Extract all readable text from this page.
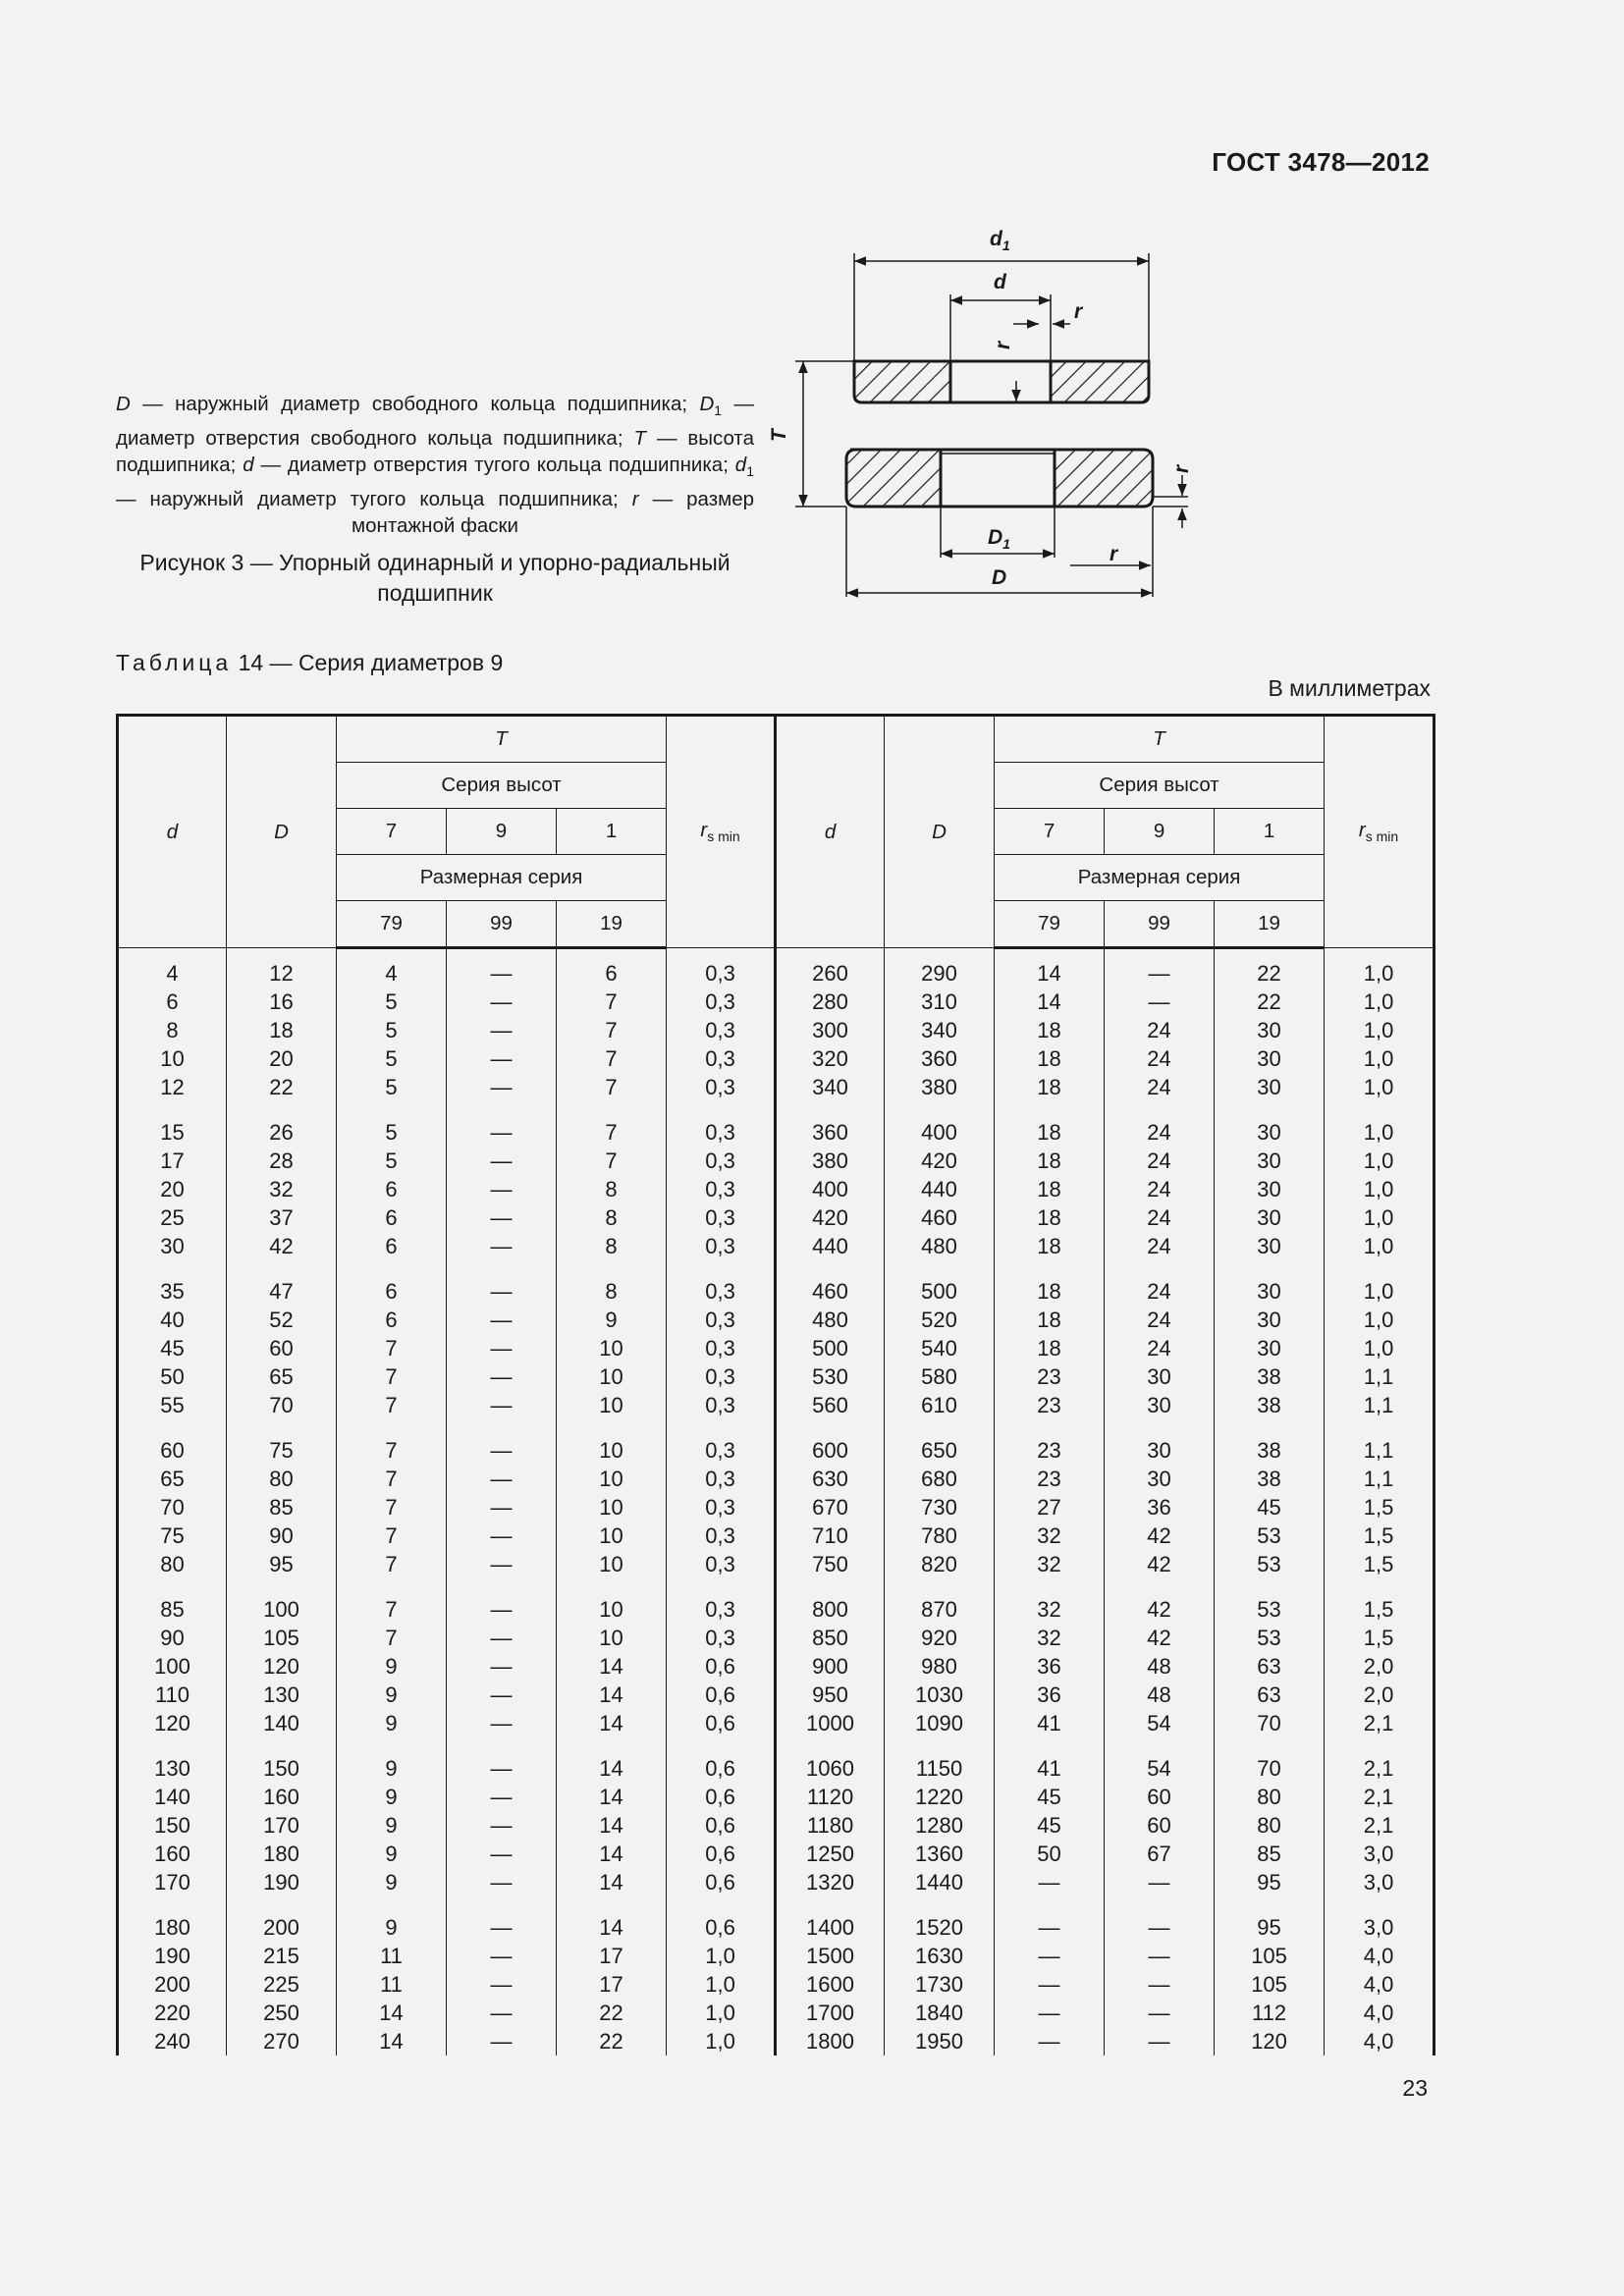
ГОСТ 3478—2012
D — наружный диаметр свободного кольца подшипника; $D_1$ — диаметр отверстия свободного кольца подшипника; T — высота подшипника; d — диаметр отверстия тугого кольца подшипника; $d_1$ — наружный диаметр тугого кольца подшипника; r — размер монтажной фаски
Рисунок 3 — Упорный одинарный и упорно-радиальный подшипник
$d_1$
d
r
r
T
$D_1$	r
r
D
Таблица 14 — Серия диаметров 9
В миллиметрах
d	D	T			$r_{s min}$	d	D	T			$r_{s min}$
		Серия высот						Серия высот			
		7	9	1				7	9	1	
		Размерная серия						Размерная серия			
		79	99	19				79	99	19	
4	12	4	—	6	0,3	260	290	14	—	22	1,0
6	16	5	—	7	0,3	280	310	14	—	22	1,0
8	18	5	—	7	0,3	300	340	18	24	30	1,0
10	20	5	—	7	0,3	320	360	18	24	30	1,0
12	22	5	—	7	0,3	340	380	18	24	30	1,0

15	26	5	—	7	0,3	360	400	18	24	30	1,0
17	28	5	—	7	0,3	380	420	18	24	30	1,0
20	32	6	—	8	0,3	400	440	18	24	30	1,0
25	37	6	—	8	0,3	420	460	18	24	30	1,0
30	42	6	—	8	0,3	440	480	18	24	30	1,0

35	47	6	—	8	0,3	460	500	18	24	30	1,0
40	52	6	—	9	0,3	480	520	18	24	30	1,0
45	60	7	—	10	0,3	500	540	18	24	30	1,0
50	65	7	—	10	0,3	530	580	23	30	38	1,1
55	70	7	—	10	0,3	560	610	23	30	38	1,1

60	75	7	—	10	0,3	600	650	23	30	38	1,1
65	80	7	—	10	0,3	630	680	23	30	38	1,1
70	85	7	—	10	0,3	670	730	27	36	45	1,5
75	90	7	—	10	0,3	710	780	32	42	53	1,5
80	95	7	—	10	0,3	750	820	32	42	53	1,5

85	100	7	—	10	0,3	800	870	32	42	53	1,5
90	105	7	—	10	0,3	850	920	32	42	53	1,5
100	120	9	—	14	0,6	900	980	36	48	63	2,0
110	130	9	—	14	0,6	950	1030	36	48	63	2,0
120	140	9	—	14	0,6	1000	1090	41	54	70	2,1

130	150	9	—	14	0,6	1060	1150	41	54	70	2,1
140	160	9	—	14	0,6	1120	1220	45	60	80	2,1
150	170	9	—	14	0,6	1180	1280	45	60	80	2,1
160	180	9	—	14	0,6	1250	1360	50	67	85	3,0
170	190	9	—	14	0,6	1320	1440	—	—	95	3,0

180	200	9	—	14	0,6	1400	1520	—	—	95	3,0
190	215	11	—	17	1,0	1500	1630	—	—	105	4,0
200	225	11	—	17	1,0	1600	1730	—	—	105	4,0
220	250	14	—	22	1,0	1700	1840	—	—	112	4,0
240	270	14	—	22	1,0	1800	1950	—	—	120	4,0
23
